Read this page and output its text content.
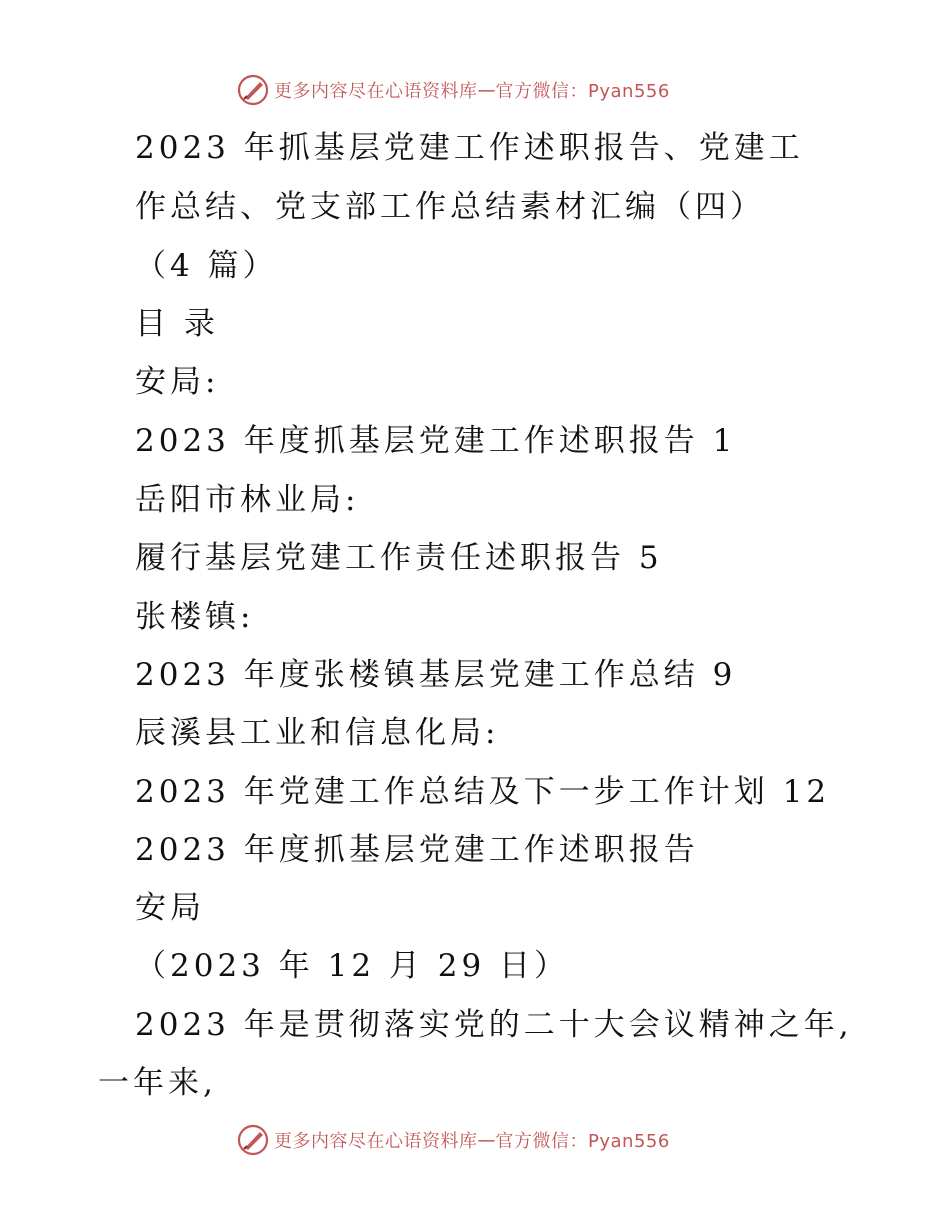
更多内容尽在心语资料库 — 官方微信：Pyan556
2023 年抓基层党建工作述职报告、党建工
作总结、党支部工作总结素材汇编（四）
（4 篇）
目 录
安局:
2023 年度抓基层党建工作述职报告 1
岳阳市林业局:
履行基层党建工作责任述职报告 5
张楼镇:
2023 年度张楼镇基层党建工作总结 9
辰溪县工业和信息化局:
2023 年党建工作总结及下一步工作计划 12
2023 年度抓基层党建工作述职报告
安局
（2023 年 12 月 29 日）
2023 年是贯彻落实党的二十大会议精神之年,
一年来,
更多内容尽在心语资料库 — 官方微信：Pyan556
